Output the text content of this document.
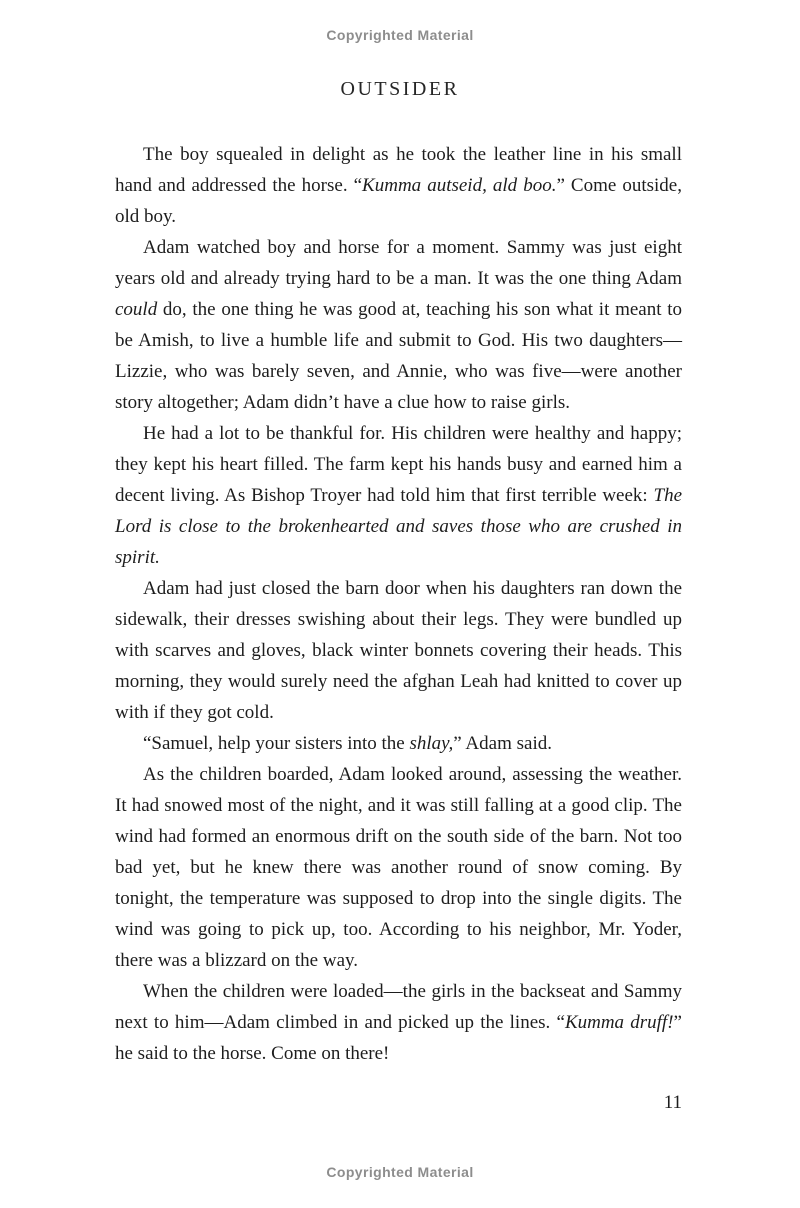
Copyrighted Material
OUTSIDER

The boy squealed in delight as he took the leather line in his small hand and addressed the horse. “Kumma autseid, ald boo.” Come outside, old boy.

Adam watched boy and horse for a moment. Sammy was just eight years old and already trying hard to be a man. It was the one thing Adam could do, the one thing he was good at, teaching his son what it meant to be Amish, to live a humble life and submit to God. His two daughters—Lizzie, who was barely seven, and Annie, who was five—were another story altogether; Adam didn’t have a clue how to raise girls.

He had a lot to be thankful for. His children were healthy and happy; they kept his heart filled. The farm kept his hands busy and earned him a decent living. As Bishop Troyer had told him that first terrible week: The Lord is close to the brokenhearted and saves those who are crushed in spirit.

Adam had just closed the barn door when his daughters ran down the sidewalk, their dresses swishing about their legs. They were bundled up with scarves and gloves, black winter bonnets covering their heads. This morning, they would surely need the afghan Leah had knitted to cover up with if they got cold.

“Samuel, help your sisters into the shlay,” Adam said.

As the children boarded, Adam looked around, assessing the weather. It had snowed most of the night, and it was still falling at a good clip. The wind had formed an enormous drift on the south side of the barn. Not too bad yet, but he knew there was another round of snow coming. By tonight, the temperature was supposed to drop into the single digits. The wind was going to pick up, too. According to his neighbor, Mr. Yoder, there was a blizzard on the way.

When the children were loaded—the girls in the backseat and Sammy next to him—Adam climbed in and picked up the lines. “Kumma druff!” he said to the horse. Come on there!

11
Copyrighted Material
